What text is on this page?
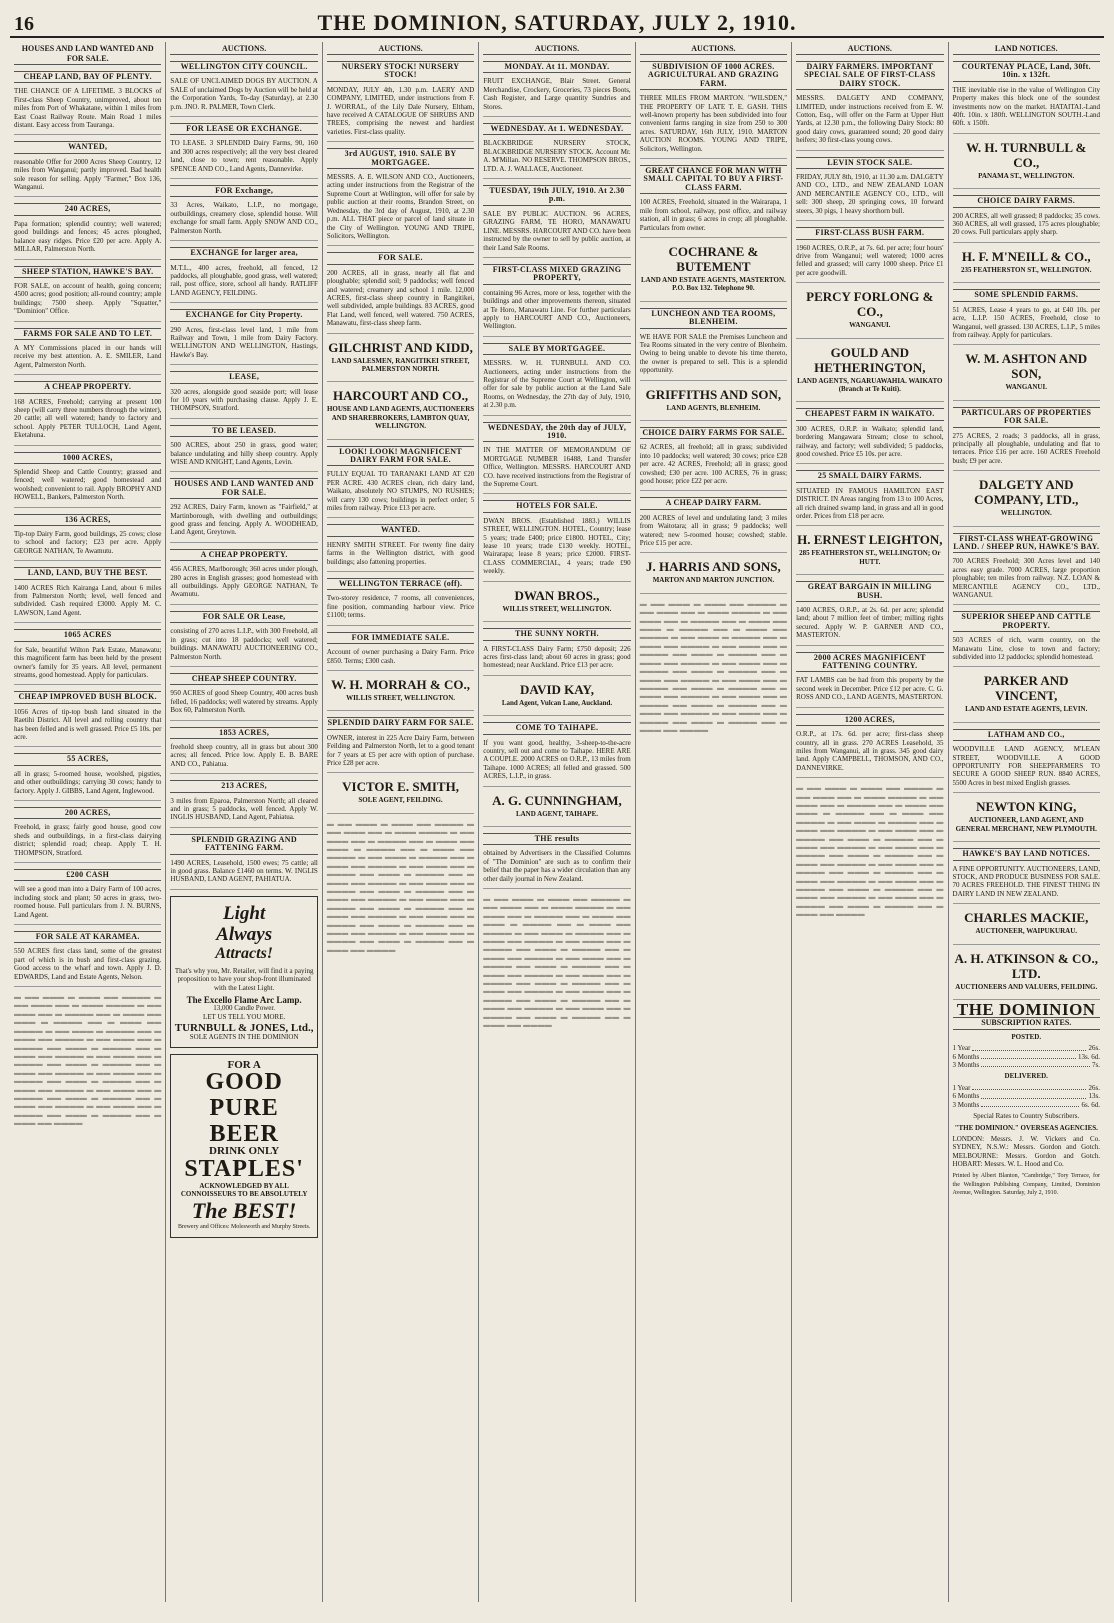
16	THE DOMINION, SATURDAY, JULY 2, 1910.
HOUSES AND LAND WANTED AND FOR SALE.
CHEAP LAND, BAY OF PLENTY.

THE CHANCE OF A LIFETIME. 3 BLOCKS of First-class Sheep Country, unimproved, about ten miles from Port of Whakatane, within 1 miles from East Coast Railway Route. Main Road 1 miles distant. Easy access from Tauranga.

WANTED,

reasonable Offer for 2000 Acres Sheep Country, 12 miles from Wanganui; partly improved. Bad health sole reason for selling. Apply "Farmer," Box 136, Wanganui.

240 ACRES,

Papa formation; splendid country; well watered; good buildings and fences; 45 acres ploughed, balance easy ridges. Price £20 per acre. Apply A. MILLAR, Palmerston North.

SHEEP STATION, HAWKE'S BAY.

FOR SALE, on account of health, going concern; 4500 acres; good position; all-round country; ample buildings; 7500 sheep. Apply "Squatter," "Dominion" Office.

FARMS FOR SALE AND TO LET.

A MY Commissions placed in our hands will receive my best attention. A. E. SMILER, Land Agent, Palmerston North.

A CHEAP PROPERTY.

168 ACRES, Freehold; carrying at present 100 sheep (will carry three numbers through the winter), 20 cattle; all well watered; handy to factory and school. Apply PETER TULLOCH, Land Agent, Eketahuna.

1000 ACRES,

Splendid Sheep and Cattle Country; grassed and fenced; well watered; good homestead and woolshed; convenient to rail. Apply BROPHY AND HOWELL, Bankers, Palmerston North.

136 ACRES,

Tip-top Dairy Farm, good buildings, 25 cows; close to school and factory; £23 per acre. Apply GEORGE NATHAN, Te Awamutu.

LAND, LAND, BUY THE BEST.

1400 ACRES Rich Kairanga Land, about 6 miles from Palmerston North; level, well fenced and subdivided. Cash required £3000. Apply M. C. LAWSON, Land Agent.

1065 ACRES

for Sale, beautiful Wilton Park Estate, Manawatu; this magnificent farm has been held by the present owner's family for 35 years. All level, permanent streams, good homestead. Apply for particulars.

CHEAP IMPROVED BUSH BLOCK.

1056 Acres of tip-top bush land situated in the Raetihi District. All level and rolling country that has been felled and is well grassed. Price £5 10s. per acre.

55 ACRES,

all in grass; 5-roomed house, woolshed, pigsties, and other outbuildings; carrying 30 cows; handy to factory. Apply J. GIBBS, Land Agent, Inglewood.

200 ACRES,

Freehold, in grass; fairly good house, good cow sheds and outbuildings, in a first-class dairying district; splendid road; cheap. Apply T. H. THOMPSON, Stratford.

£200 CASH

will see a good man into a Dairy Farm of 100 acres, including stock and plant; 50 acres in grass, two-roomed house. Full particulars from J. N. BURNS, Land Agent.

FOR SALE AT KARAMEA.

550 ACRES first class land, some of the greatest part of which is in bush and first-class grazing. Good access to the wharf and town. Apply J. D. EDWARDS, Land and Estate Agents, Nelson.

▬ ▬▬ ▬▬▬ ▬ ▬▬▬ ▬▬ ▬▬▬▬ ▬ ▬▬ ▬▬▬ ▬▬ ▬ ▬▬▬ ▬▬▬▬ ▬ ▬▬ ▬▬▬ ▬▬ ▬ ▬▬▬▬ ▬▬ ▬ ▬▬▬ ▬▬ ▬▬▬ ▬ ▬▬▬▬ ▬▬ ▬ ▬▬▬ ▬▬ ▬▬▬▬ ▬ ▬▬ ▬▬▬ ▬ ▬▬▬▬ ▬▬ ▬ ▬▬▬ ▬▬ ▬▬▬▬ ▬ ▬▬ ▬▬▬ ▬▬ ▬ ▬▬▬▬ ▬▬ ▬▬▬ ▬ ▬▬▬▬ ▬▬ ▬ ▬▬▬ ▬▬ ▬▬▬▬ ▬ ▬▬ ▬▬▬ ▬▬ ▬ ▬▬▬▬ ▬▬ ▬▬▬ ▬ ▬▬▬▬ ▬▬ ▬ ▬▬▬ ▬▬ ▬▬▬▬ ▬ ▬▬ ▬▬▬ ▬▬ ▬ ▬▬▬▬ ▬▬ ▬▬▬ ▬ ▬▬▬▬ ▬▬ ▬ ▬▬▬ ▬▬ ▬▬▬▬ ▬ ▬▬ ▬▬▬ ▬▬ ▬ ▬▬▬▬ ▬▬ ▬▬▬ ▬ ▬▬▬▬ ▬▬ ▬ ▬▬▬ ▬▬ ▬▬▬▬ ▬ ▬▬ ▬▬▬ ▬▬ ▬ ▬▬▬▬ ▬▬ ▬▬▬ ▬ ▬▬▬▬ ▬▬ ▬ ▬▬▬ ▬▬ ▬▬▬▬
AUCTIONS.
WELLINGTON CITY COUNCIL.

SALE OF UNCLAIMED DOGS BY AUCTION. A SALE of unclaimed Dogs by Auction will be held at the Corporation Yards, To-day (Saturday), at 2.30 p.m. JNO. R. PALMER, Town Clerk.

FOR LEASE OR EXCHANGE.

TO LEASE. 3 SPLENDID Dairy Farms, 90, 160 and 300 acres respectively; all the very best cleared land, close to town; rent reasonable. Apply SPENCE AND CO., Land Agents, Dannevirke.

FOR Exchange,

33 Acres, Waikato, L.I.P., no mortgage, outbuildings, creamery close, splendid house. Will exchange for small farm. Apply SNOW AND CO., Palmerston North.

EXCHANGE for larger area,

M.T.L., 400 acres, freehold, all fenced, 12 paddocks, all ploughable, good grass, well watered; rail, post office, store, school all handy. RATLIFF LAND AGENCY, FEILDING.

EXCHANGE for City Property.

290 Acres, first-class level land, 1 mile from Railway and Town, 1 mile from Dairy Factory. WELLINGTON AND WELLINGTON, Hastings, Hawke's Bay.

LEASE,

320 acres, alongside good seaside port; will lease for 10 years with purchasing clause. Apply J. E. THOMPSON, Stratford.

TO BE LEASED.

500 ACRES, about 250 in grass, good water; balance undulating and hilly sheep country. Apply WISE AND KNIGHT, Land Agents, Levin.

HOUSES AND LAND WANTED AND FOR SALE.

292 ACRES, Dairy Farm, known as "Fairfield," at Martinborough, with dwelling and outbuildings; good grass and fencing. Apply A. WOODHEAD, Land Agent, Greytown.

A CHEAP PROPERTY.

456 ACRES, Marlborough; 360 acres under plough, 280 acres in English grasses; good homestead with all outbuildings. Apply GEORGE NATHAN, Te Awamutu.

FOR SALE OR Lease,

consisting of 270 acres L.I.P., with 300 Freehold, all in grass; cut into 18 paddocks; well watered; buildings. MANAWATU AUCTIONEERING CO., Palmerston North.

CHEAP SHEEP COUNTRY.

950 ACRES of good Sheep Country, 400 acres bush felled, 16 paddocks; well watered by streams. Apply Box 60, Palmerston North.

1853 ACRES,

freehold sheep country, all in grass but about 300 acres; all fenced. Price low. Apply E. B. BARE AND CO., Pahiatua.

213 ACRES,

3 miles from Eparoa, Palmerston North; all cleared and in grass; 5 paddocks, well fenced. Apply W. INGLIS HUSBAND, Land Agent, Pahiatua.

SPLENDID GRAZING AND FATTENING FARM.

1490 ACRES, Leasehold, 1500 ewes; 75 cattle; all in good grass. Balance £1460 on terms. W. INGLIS HUSBAND, LAND AGENT, PAHIATUA.

Light
Always
Attracts!

That's why you, Mr. Retailer, will find it a paying proposition to have your shop-front illuminated with the Latest Light.

The Excello Flame Arc Lamp.
13,000 Candle Power.
LET US TELL YOU MORE.
TURNBULL & JONES, Ltd.,
SOLE AGENTS IN THE DOMINION
FOR A
GOOD
PURE BEER
DRINK ONLY
STAPLES'
ACKNOWLEDGED BY ALL CONNOISSEURS TO BE ABSOLUTELY
The BEST!
Brewery and Offices: Molesworth and Murphy Streets.
AUCTIONS.
NURSERY STOCK! NURSERY STOCK!

MONDAY, JULY 4th, 1.30 p.m. LAERY AND COMPANY, LIMITED, under instructions from F. J. WORRAL, of the Lily Dale Nursery, Eltham, have received A CATALOGUE OF SHRUBS AND TREES, comprising the newest and hardiest varieties. First-class quality.

3rd AUGUST, 1910. SALE BY MORTGAGEE.

MESSRS. A. E. WILSON AND CO., Auctioneers, acting under instructions from the Registrar of the Supreme Court at Wellington, will offer for sale by public auction at their rooms, Brandon Street, on Wednesday, the 3rd day of August, 1910, at 2.30 p.m. ALL THAT piece or parcel of land situate in the City of Wellington. YOUNG AND TRIPE, Solicitors, Wellington.

FOR SALE.

200 ACRES, all in grass, nearly all flat and ploughable; splendid soil; 9 paddocks; well fenced and watered; creamery and school 1 mile. 12,000 ACRES, first-class sheep country in Rangitikei, well subdivided, ample buildings. 83 ACRES, good Flat Land, well fenced, well watered. 750 ACRES, Manawatu, first-class sheep farm.

GILCHRIST AND KIDD,
LAND SALESMEN, RANGITIKEI STREET, PALMERSTON NORTH.
HARCOURT AND CO.,
HOUSE AND LAND AGENTS, AUCTIONEERS AND SHAREBROKERS, LAMBTON QUAY, WELLINGTON.
LOOK! LOOK! MAGNIFICENT DAIRY FARM FOR SALE.

FULLY EQUAL TO TARANAKI LAND AT £20 PER ACRE. 430 ACRES clean, rich dairy land, Waikato, absolutely NO STUMPS, NO RUSHES; will carry 130 cows; buildings in perfect order; 5 miles from railway. Price £13 per acre.

WANTED.

HENRY SMITH STREET. For twenty fine dairy farms in the Wellington district, with good buildings; also fattening properties.

WELLINGTON TERRACE (off).

Two-storey residence, 7 rooms, all conveniences, fine position, commanding harbour view. Price £1100; terms.

FOR IMMEDIATE SALE.

Account of owner purchasing a Dairy Farm. Price £850. Terms; £300 cash.

W. H. MORRAH & CO.,
WILLIS STREET, WELLINGTON.
SPLENDID DAIRY FARM FOR SALE.

OWNER, interest in 225 Acre Dairy Farm, between Feilding and Palmerston North, let to a good tenant for 7 years at £5 per acre with option of purchase. Price £28 per acre.

VICTOR E. SMITH,
SOLE AGENT, FEILDING.
▬ ▬▬ ▬▬▬ ▬ ▬▬▬ ▬▬ ▬▬▬▬ ▬ ▬▬ ▬▬▬ ▬▬ ▬ ▬▬▬ ▬▬▬▬ ▬ ▬▬ ▬▬▬ ▬▬ ▬ ▬▬▬▬ ▬▬ ▬ ▬▬▬ ▬▬ ▬▬▬ ▬ ▬▬▬▬ ▬▬ ▬ ▬▬▬ ▬▬ ▬▬▬▬ ▬ ▬▬ ▬▬▬ ▬ ▬▬▬▬ ▬▬ ▬ ▬▬▬ ▬▬ ▬▬▬▬ ▬ ▬▬ ▬▬▬ ▬▬ ▬ ▬▬▬▬ ▬▬ ▬▬▬ ▬ ▬▬▬▬ ▬▬ ▬ ▬▬▬ ▬▬ ▬▬▬▬ ▬ ▬▬ ▬▬▬ ▬▬ ▬ ▬▬▬▬ ▬▬ ▬▬▬ ▬ ▬▬▬▬ ▬▬ ▬ ▬▬▬ ▬▬ ▬▬▬▬ ▬ ▬▬ ▬▬▬ ▬▬ ▬ ▬▬▬▬ ▬▬ ▬▬▬ ▬ ▬▬▬▬ ▬▬ ▬ ▬▬▬ ▬▬ ▬▬▬▬ ▬ ▬▬ ▬▬▬ ▬▬ ▬ ▬▬▬▬ ▬▬ ▬▬▬ ▬ ▬▬▬▬ ▬▬ ▬ ▬▬▬ ▬▬ ▬▬▬▬ ▬ ▬▬ ▬▬▬ ▬▬ ▬ ▬▬▬▬ ▬▬ ▬▬▬ ▬ ▬▬▬▬ ▬▬ ▬ ▬▬▬ ▬▬ ▬▬▬▬
AUCTIONS.
MONDAY. At 11. MONDAY.

FRUIT EXCHANGE, Blair Street. General Merchandise, Crockery, Groceries, 73 pieces Boots, Cash Register, and Large quantity Sundries and Stores.

WEDNESDAY. At 1. WEDNESDAY.

BLACKBRIDGE NURSERY STOCK, BLACKBRIDGE NURSERY STOCK. Account Mr. A. M'Millan. NO RESERVE. THOMPSON BROS., LTD. A. J. WALLACE, Auctioneer.

TUESDAY, 19th JULY, 1910. At 2.30 p.m.

SALE BY PUBLIC AUCTION. 96 ACRES, GRAZING FARM, TE HORO, MANAWATU LINE. MESSRS. HARCOURT AND CO. have been instructed by the owner to sell by public auction, at their Land Sale Rooms.

FIRST-CLASS MIXED GRAZING PROPERTY,

containing 96 Acres, more or less, together with the buildings and other improvements thereon, situated at Te Horo, Manawatu Line. For further particulars apply to HARCOURT AND CO., Auctioneers, Wellington.

SALE BY MORTGAGEE.

MESSRS. W. H. TURNBULL AND CO. Auctioneers, acting under instructions from the Registrar of the Supreme Court at Wellington, will offer for sale by public auction at the Land Sale Rooms, on Wednesday, the 27th day of July, 1910, at 2.30 p.m.

WEDNESDAY, the 20th day of JULY, 1910.

IN THE MATTER OF MEMORANDUM OF MORTGAGE NUMBER 16488, Land Transfer Office, Wellington. MESSRS. HARCOURT AND CO. have received instructions from the Registrar of the Supreme Court.

HOTELS FOR SALE.

DWAN BROS. (Established 1883.) WILLIS STREET, WELLINGTON. HOTEL, Country; lease 5 years; trade £400; price £1800. HOTEL, City; lease 10 years; trade £130 weekly. HOTEL, Wairarapa; lease 8 years; price £2000. FIRST-CLASS COMMERCIAL, 4 years; trade £90 weekly.

DWAN BROS.,
WILLIS STREET, WELLINGTON.
THE SUNNY NORTH.

A FIRST-CLASS Dairy Farm; £750 deposit; 226 acres first-class land; about 60 acres in grass; good homestead; near Auckland. Price £13 per acre.

DAVID KAY,
Land Agent, Vulcan Lane, Auckland.
COME TO TAIHAPE.

If you want good, healthy, 3-sheep-to-the-acre country, sell out and come to Taihape. HERE ARE A COUPLE. 2000 ACRES on O.R.P., 13 miles from Taihape. 1000 ACRES; all felled and grassed. 500 ACRES, L.I.P., in grass.

A. G. CUNNINGHAM,
LAND AGENT, TAIHAPE.
THE results

obtained by Advertisers in the Classified Columns of "The Dominion" are such as to confirm their belief that the paper has a wider circulation than any other daily journal in New Zealand.

▬ ▬▬ ▬▬▬ ▬ ▬▬▬ ▬▬ ▬▬▬▬ ▬ ▬▬ ▬▬▬ ▬▬ ▬ ▬▬▬ ▬▬▬▬ ▬ ▬▬ ▬▬▬ ▬▬ ▬ ▬▬▬▬ ▬▬ ▬ ▬▬▬ ▬▬ ▬▬▬ ▬ ▬▬▬▬ ▬▬ ▬ ▬▬▬ ▬▬ ▬▬▬▬ ▬ ▬▬ ▬▬▬ ▬ ▬▬▬▬ ▬▬ ▬ ▬▬▬ ▬▬ ▬▬▬▬ ▬ ▬▬ ▬▬▬ ▬▬ ▬ ▬▬▬▬ ▬▬ ▬▬▬ ▬ ▬▬▬▬ ▬▬ ▬ ▬▬▬ ▬▬ ▬▬▬▬ ▬ ▬▬ ▬▬▬ ▬▬ ▬ ▬▬▬▬ ▬▬ ▬▬▬ ▬ ▬▬▬▬ ▬▬ ▬ ▬▬▬ ▬▬ ▬▬▬▬ ▬ ▬▬ ▬▬▬ ▬▬ ▬ ▬▬▬▬ ▬▬ ▬▬▬ ▬ ▬▬▬▬ ▬▬ ▬ ▬▬▬ ▬▬ ▬▬▬▬ ▬ ▬▬ ▬▬▬ ▬▬ ▬ ▬▬▬▬ ▬▬ ▬▬▬ ▬ ▬▬▬▬ ▬▬ ▬ ▬▬▬ ▬▬ ▬▬▬▬ ▬ ▬▬ ▬▬▬ ▬▬ ▬ ▬▬▬▬ ▬▬ ▬▬▬ ▬ ▬▬▬▬ ▬▬ ▬ ▬▬▬ ▬▬ ▬▬▬▬
AUCTIONS.
SUBDIVISION OF 1000 ACRES. AGRICULTURAL AND GRAZING FARM.

THREE MILES FROM MARTON. "WILSDEN," THE PROPERTY OF LATE T. E. GASH. THIS well-known property has been subdivided into four convenient farms ranging in size from 250 to 300 acres. SATURDAY, 16th JULY, 1910. MARTON AUCTION ROOMS. YOUNG AND TRIPE, Solicitors, Wellington.

GREAT CHANCE FOR MAN WITH SMALL CAPITAL TO BUY A FIRST-CLASS FARM.

100 ACRES, Freehold, situated in the Wairarapa, 1 mile from school, railway, post office, and railway station, all in grass; 6 acres in crop; all ploughable. Particulars from owner.

COCHRANE & BUTEMENT
LAND AND ESTATE AGENTS, MASTERTON. P.O. Box 132. Telephone 90.
LUNCHEON AND TEA ROOMS, BLENHEIM.

WE HAVE FOR SALE the Premises Luncheon and Tea Rooms situated in the very centre of Blenheim. Owing to being unable to devote his time thereto, the owner is prepared to sell. This is a splendid opportunity.

GRIFFITHS AND SON,
LAND AGENTS, BLENHEIM.
CHOICE DAIRY FARMS FOR SALE.

62 ACRES, all freehold; all in grass; subdivided into 10 paddocks; well watered; 30 cows; price £28 per acre. 42 ACRES, Freehold; all in grass; good cowshed; £30 per acre. 100 ACRES, 76 in grass; good house; price £22 per acre.

A CHEAP DAIRY FARM.

200 ACRES of level and undulating land; 3 miles from Waitotara; all in grass; 9 paddocks; well watered; new 5-roomed house; cowshed; stable. Price £15 per acre.

J. HARRIS AND SONS,
MARTON AND MARTON JUNCTION.
▬ ▬▬ ▬▬▬ ▬ ▬▬▬ ▬▬ ▬▬▬▬ ▬ ▬▬ ▬▬▬ ▬▬ ▬ ▬▬▬ ▬▬▬▬ ▬ ▬▬ ▬▬▬ ▬▬ ▬ ▬▬▬▬ ▬▬ ▬ ▬▬▬ ▬▬ ▬▬▬ ▬ ▬▬▬▬ ▬▬ ▬ ▬▬▬ ▬▬ ▬▬▬▬ ▬ ▬▬ ▬▬▬ ▬ ▬▬▬▬ ▬▬ ▬ ▬▬▬ ▬▬ ▬▬▬▬ ▬ ▬▬ ▬▬▬ ▬▬ ▬ ▬▬▬▬ ▬▬ ▬▬▬ ▬ ▬▬▬▬ ▬▬ ▬ ▬▬▬ ▬▬ ▬▬▬▬ ▬ ▬▬ ▬▬▬ ▬▬ ▬ ▬▬▬▬ ▬▬ ▬▬▬ ▬ ▬▬▬▬ ▬▬ ▬ ▬▬▬ ▬▬ ▬▬▬▬ ▬ ▬▬ ▬▬▬ ▬▬ ▬ ▬▬▬▬ ▬▬ ▬▬▬ ▬ ▬▬▬▬ ▬▬ ▬ ▬▬▬ ▬▬ ▬▬▬▬ ▬ ▬▬ ▬▬▬ ▬▬ ▬ ▬▬▬▬ ▬▬ ▬▬▬ ▬ ▬▬▬▬ ▬▬ ▬ ▬▬▬ ▬▬ ▬▬▬▬ ▬ ▬▬ ▬▬▬ ▬▬ ▬ ▬▬▬▬ ▬▬ ▬▬▬ ▬ ▬▬▬▬ ▬▬ ▬ ▬▬▬ ▬▬ ▬▬▬▬
AUCTIONS.
DAIRY FARMERS. IMPORTANT SPECIAL SALE OF FIRST-CLASS DAIRY STOCK.

MESSRS. DALGETY AND COMPANY, LIMITED, under instructions received from E. W. Cotton, Esq., will offer on the Farm at Upper Hutt Yards, at 12.30 p.m., the following Dairy Stock: 80 good dairy cows, guaranteed sound; 20 good dairy heifers; 30 first-class young cows.

LEVIN STOCK SALE.

FRIDAY, JULY 8th, 1910, at 11.30 a.m. DALGETY AND CO., LTD., and NEW ZEALAND LOAN AND MERCANTILE AGENCY CO., LTD., will sell: 300 sheep, 20 springing cows, 10 forward steers, 30 pigs, 1 heavy shorthorn bull.

FIRST-CLASS BUSH FARM.

1960 ACRES, O.R.P., at 7s. 6d. per acre; four hours' drive from Wanganui; well watered; 1000 acres felled and grassed; will carry 1000 sheep. Price £1 per acre goodwill.

PERCY FORLONG & CO.,
WANGANUI.
GOULD AND HETHERINGTON,
LAND AGENTS, NGARUAWAHIA. WAIKATO (Branch at Te Kuiti).
CHEAPEST FARM IN WAIKATO.

300 ACRES, O.R.P. in Waikato; splendid land, bordering Mangawara Stream; close to school, railway, and factory; well subdivided; 5 paddocks, good cowshed. Price £5 10s. per acre.

25 SMALL DAIRY FARMS.

SITUATED IN FAMOUS HAMILTON EAST DISTRICT. IN Areas ranging from 13 to 100 Acres, all rich drained swamp land, in grass and all in good order. Prices from £18 per acre.

H. ERNEST LEIGHTON,
285 FEATHERSTON ST., WELLINGTON; Or HUTT.
GREAT BARGAIN IN MILLING BUSH.

1400 ACRES, O.R.P., at 2s. 6d. per acre; splendid land; about 7 million feet of timber; milling rights secured. Apply W. P. GARNER AND CO., MASTERTON.

2000 ACRES MAGNIFICENT FATTENING COUNTRY.

FAT LAMBS can be had from this property by the second week in December. Price £12 per acre. C. G. ROSS AND CO., LAND AGENTS, MASTERTON.

1200 ACRES,

O.R.P., at 17s. 6d. per acre; first-class sheep country, all in grass. 270 ACRES Leasehold, 35 miles from Wanganui, all in grass. 345 good dairy land. Apply CAMPBELL, THOMSON, AND CO., DANNEVIRKE.

▬ ▬▬ ▬▬▬ ▬ ▬▬▬ ▬▬ ▬▬▬▬ ▬ ▬▬ ▬▬▬ ▬▬ ▬ ▬▬▬ ▬▬▬▬ ▬ ▬▬ ▬▬▬ ▬▬ ▬ ▬▬▬▬ ▬▬ ▬ ▬▬▬ ▬▬ ▬▬▬ ▬ ▬▬▬▬ ▬▬ ▬ ▬▬▬ ▬▬ ▬▬▬▬ ▬ ▬▬ ▬▬▬ ▬ ▬▬▬▬ ▬▬ ▬ ▬▬▬ ▬▬ ▬▬▬▬ ▬ ▬▬ ▬▬▬ ▬▬ ▬ ▬▬▬▬ ▬▬ ▬▬▬ ▬ ▬▬▬▬ ▬▬ ▬ ▬▬▬ ▬▬ ▬▬▬▬ ▬ ▬▬ ▬▬▬ ▬▬ ▬ ▬▬▬▬ ▬▬ ▬▬▬ ▬ ▬▬▬▬ ▬▬ ▬ ▬▬▬ ▬▬ ▬▬▬▬ ▬ ▬▬ ▬▬▬ ▬▬ ▬ ▬▬▬▬ ▬▬ ▬▬▬ ▬ ▬▬▬▬ ▬▬ ▬ ▬▬▬ ▬▬ ▬▬▬▬ ▬ ▬▬ ▬▬▬ ▬▬ ▬ ▬▬▬▬ ▬▬ ▬▬▬ ▬ ▬▬▬▬ ▬▬ ▬ ▬▬▬ ▬▬ ▬▬▬▬ ▬ ▬▬ ▬▬▬ ▬▬ ▬ ▬▬▬▬ ▬▬ ▬▬▬ ▬ ▬▬▬▬ ▬▬ ▬ ▬▬▬ ▬▬ ▬▬▬▬
LAND NOTICES.
COURTENAY PLACE, Land, 30ft. 10in. x 132ft.

THE inevitable rise in the value of Wellington City Property makes this block one of the soundest investments now on the market. HATAITAI.-Land 40ft. 10in. x 180ft. WELLINGTON SOUTH.-Land 60ft. x 150ft.

W. H. TURNBULL & CO.,
PANAMA ST., WELLINGTON.
CHOICE DAIRY FARMS.

200 ACRES, all well grassed; 8 paddocks; 35 cows. 360 ACRES, all well grassed, 175 acres ploughable; 20 cows. Full particulars apply sharp.

H. F. M'NEILL & CO.,
235 FEATHERSTON ST., WELLINGTON.
SOME SPLENDID FARMS.

51 ACRES, Lease 4 years to go, at £40 10s. per acre, L.I.P. 150 ACRES, Freehold, close to Wanganui, well grassed. 130 ACRES, L.I.P., 5 miles from railway. Apply for particulars.

W. M. ASHTON AND SON,
WANGANUI.
PARTICULARS OF PROPERTIES FOR SALE.

275 ACRES, 2 roads; 3 paddocks, all in grass, principally all ploughable, undulating and flat to terraces. Price £16 per acre. 160 ACRES Freehold bush; £9 per acre.

DALGETY AND COMPANY, LTD.,
WELLINGTON.
FIRST-CLASS WHEAT-GROWING LAND. / SHEEP RUN, HAWKE'S BAY.

700 ACRES Freehold; 300 Acres level and 140 acres easy grade. 7000 ACRES, large proportion ploughable; ten miles from railway. N.Z. LOAN & MERCANTILE AGENCY CO., LTD., WANGANUI.

SUPERIOR SHEEP AND CATTLE PROPERTY.

503 ACRES of rich, warm country, on the Manawatu Line, close to town and factory; subdivided into 12 paddocks; splendid homestead.

PARKER AND VINCENT,
LAND AND ESTATE AGENTS, LEVIN.
LATHAM AND CO.,

WOODVILLE LAND AGENCY, M'LEAN STREET, WOODVILLE. A GOOD OPPORTUNITY FOR SHEEPFARMERS TO SECURE A GOOD SHEEP RUN. 8840 ACRES, 5500 Acres in best mixed English grasses.

NEWTON KING,
AUCTIONEER, LAND AGENT, AND GENERAL MERCHANT, NEW PLYMOUTH.
HAWKE'S BAY LAND NOTICES.

A FINE OPPORTUNITY. AUCTIONEERS, LAND, STOCK, AND PRODUCE BUSINESS FOR SALE. 70 ACRES FREEHOLD. THE FINEST THING IN DAIRY LAND IN NEW ZEALAND.

CHARLES MACKIE,
AUCTIONEER, WAIPUKURAU.
A. H. ATKINSON & CO., LTD.
AUCTIONEERS AND VALUERS, FEILDING.
THE DOMINION
SUBSCRIPTION RATES.
POSTED.
1 Year	26s.
6 Months	13s. 6d.
3 Months	7s.
DELIVERED.
1 Year	26s.
6 Months	13s.
3 Months	6s. 6d.
Special Rates to Country Subscribers.
"THE DOMINION." OVERSEAS AGENCIES.

LONDON: Messrs. J. W. Vickers and Co. SYDNEY, N.S.W.: Messrs. Gordon and Gotch. MELBOURNE: Messrs. Gordon and Gotch. HOBART: Messrs. W. L. Hood and Co.

Printed by Albert Blanton, "Cambridge," Tory Terrace, for the Wellington Publishing Company, Limited, Dominion Avenue, Wellington. Saturday, July 2, 1910.
